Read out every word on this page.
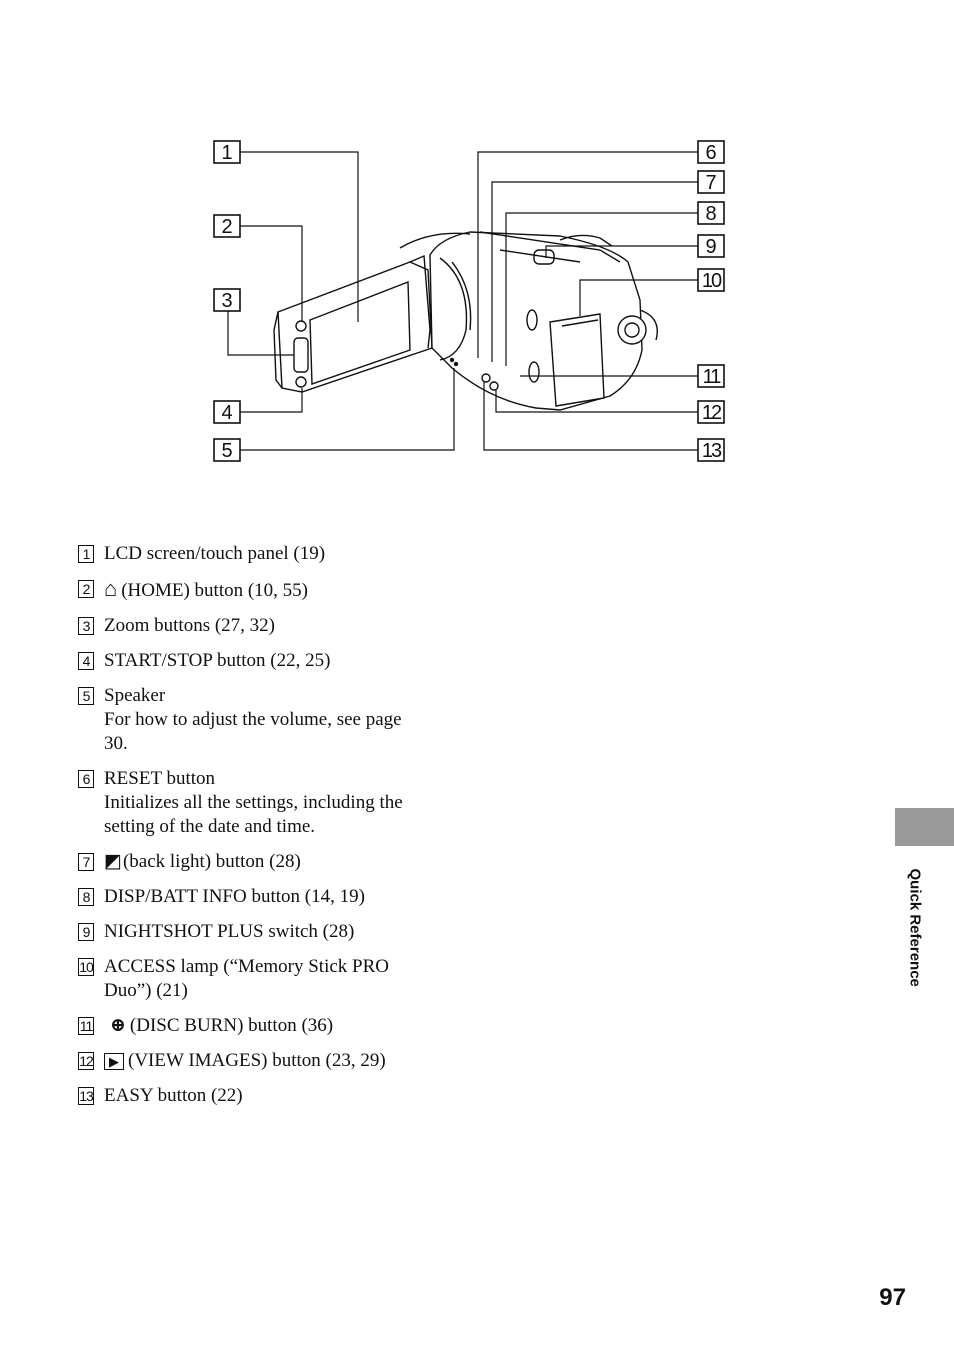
1
2
3
4
5
6
7
8
9
10
11
12
13
1 LCD screen/touch panel (19)
2 ⌂ (HOME) button (10, 55)
3 Zoom buttons (27, 32)
4 START/STOP button (22, 25)
5 Speaker
For how to adjust the volume, see page
30.
6 RESET button
Initializes all the settings, including the
setting of the date and time.
7 ◩(back light) button (28)
8 DISP/BATT INFO button (14, 19)
9 NIGHTSHOT PLUS switch (28)
10 ACCESS lamp (“Memory Stick PRO
Duo”) (21)
11 ⊕ (DISC BURN) button (36)
12	▶ (VIEW IMAGES) button (23, 29)
13 EASY button (22)
Quick Reference
97
